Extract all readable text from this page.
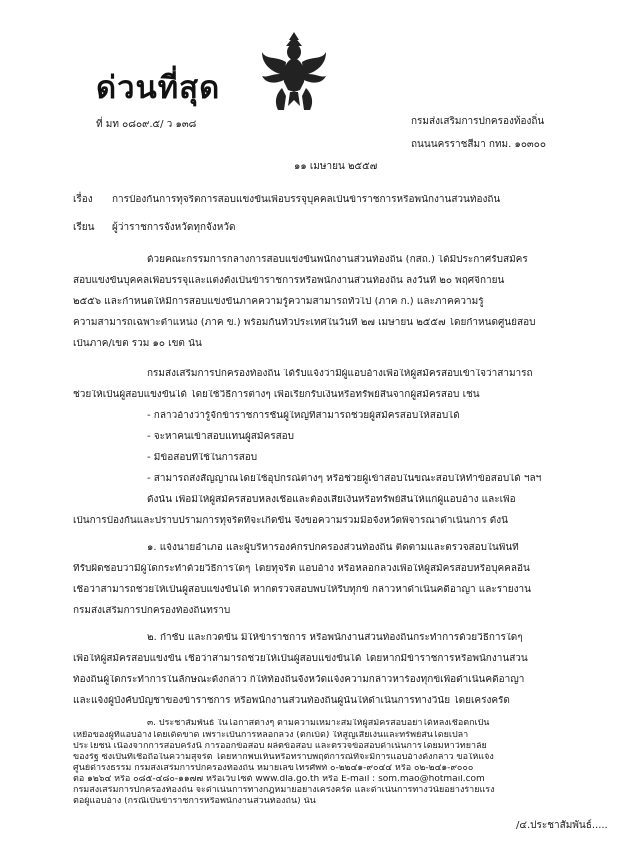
ด่วนที่สุด
ที่ มท ๐๘๐๙.๕/ ว ๑๓๘	กรมส่งเสริมการปกครองท้องถิ่น
ถนนนครราชสีมา กทม. ๑๐๓๐๐
๑๑ เมษายน ๒๕๕๗
เรื่อง การป้องกันการทุจริตการสอบแข่งขันเพื่อบรรจุบุคคลเป็นข้าราชการหรือพนักงานส่วนท้องถิ่น
เรียน ผู้ว่าราชการจังหวัดทุกจังหวัด
ด้วยคณะกรรมการกลางการสอบแข่งขันพนักงานส่วนท้องถิ่น (กสถ.) ได้มีประกาศรับสมัคร
สอบแข่งขันบุคคลเพื่อบรรจุและแต่งตั้งเป็นข้าราชการหรือพนักงานส่วนท้องถิ่น ลงวันที่ ๒๐ พฤศจิกายน
๒๕๕๖ และกำหนดให้มีการสอบแข่งขันภาคความรู้ความสามารถทั่วไป (ภาค ก.) และภาคความรู้
ความสามารถเฉพาะตำแหน่ง (ภาค ข.) พร้อมกันทั่วประเทศในวันที่ ๒๗ เมษายน ๒๕๕๗ โดยกำหนดศูนย์สอบ
เป็นภาค/เขต รวม ๑๐ เขต นั้น
กรมส่งเสริมการปกครองท้องถิ่น ได้รับแจ้งว่ามีผู้แอบอ้างเพื่อให้ผู้สมัครสอบเข้าใจว่าสามารถ
ช่วยให้เป็นผู้สอบแข่งขันได้ โดยใช้วิธีการต่างๆ เพื่อเรียกรับเงินหรือทรัพย์สินจากผู้สมัครสอบ เช่น
- กล่าวอ้างว่ารู้จักข้าราชการชั้นผู้ใหญ่ที่สามารถช่วยผู้สมัครสอบให้สอบได้
- จะหาคนเข้าสอบแทนผู้สมัครสอบ
- มีข้อสอบที่ใช้ในการสอบ
- สามารถส่งสัญญาณโดยใช้อุปกรณ์ต่างๆ หรือช่วยผู้เข้าสอบในขณะสอบให้ทำข้อสอบได้ ฯลฯ
ดังนั้น เพื่อมิให้ผู้สมัครสอบหลงเชื่อและต้องเสียเงินหรือทรัพย์สินให้แก่ผู้แอบอ้าง และเพื่อ
เป็นการป้องกันและปราบปรามการทุจริตที่จะเกิดขึ้น จึงขอความร่วมมือจังหวัดพิจารณาดำเนินการ ดังนี้
๑. แจ้งนายอำเภอ และผู้บริหารองค์กรปกครองส่วนท้องถิ่น ติดตามและตรวจสอบในพื้นที่
ที่รับผิดชอบว่ามีผู้ใดกระทำด้วยวิธีการใดๆ โดยทุจริต แอบอ้าง หรือหลอกลวงเพื่อให้ผู้สมัครสอบหรือบุคคลอื่น
เชื่อว่าสามารถช่วยให้เป็นผู้สอบแข่งขันได้ หากตรวจสอบพบให้รีบทุกข์ กล่าวหาดำเนินคดีอาญา และรายงาน
กรมส่งเสริมการปกครองท้องถิ่นทราบ
๒. กำชับ และกวดขัน มิให้ข้าราชการ หรือพนักงานส่วนท้องถิ่นกระทำการด้วยวิธีการใดๆ
เพื่อให้ผู้สมัครสอบแข่งขัน เชื่อว่าสามารถช่วยให้เป็นผู้สอบแข่งขันได้ โดยหากมีข้าราชการหรือพนักงานส่วน
ท้องถิ่นผู้ใดกระทำการในลักษณะดังกล่าว ก็ให้ท้องถิ่นจังหวัดแจ้งความกล่าวหาร้องทุกข์เพื่อดำเนินคดีอาญา
และแจ้งผู้บังคับบัญชาของข้าราชการ หรือพนักงานส่วนท้องถิ่นผู้นั้นให้ดำเนินการทางวินัย โดยเคร่งครัด
๓. ประชาสัมพันธ์ ในโอกาสต่างๆ ตามความเหมาะสมให้ผู้สมัครสอบอย่าได้หลงเชื่อตกเป็น
เหยื่อของผู้ที่แอบอ้างโดยเด็ดขาด เพราะเป็นการหลอกลวง (ตกเบ็ด) ให้สูญเสียเงินและทรัพย์สินโดยเปล่า
ประโยชน์ เนื่องจากการสอบครั้งนี้ การออกข้อสอบ ผลิตข้อสอบ และตรวจข้อสอบดำเนินการโดยมหาวิทยาลัย
ของรัฐ ซึ่งเป็นที่เชื่อถือในความสุจริต โดยหากพบเห็นหรือทราบพฤติการณ์ที่จะมีการแอบอ้างดังกล่าว ขอให้แจ้ง
ศูนย์ดำรงธรรม กรมส่งเสริมการปกครองท้องถิ่น หมายเลขโทรศัพท์ ๐-๒๒๔๑-๙๐๔๔ หรือ ๐๒-๒๔๑-๙๐๐๐
ต่อ ๑๒๖๔ หรือ ๐๘๕-๔๘๐-๑๑๗๗ หรือเว็บไซต์ www.dla.go.th หรือ E-mail : som.mao@hotmail.com
/๔.ประชาสัมพันธ์.....
กรมส่งเสริมการปกครองท้องถิ่น จะดำเนินการทางกฎหมายอย่างเคร่งครัด และดำเนินการทางวินัยอย่างร้ายแรง
ต่อผู้แอบอ้าง (กรณีเป็นข้าราชการหรือพนักงานส่วนท้องถิ่น) นั้น
